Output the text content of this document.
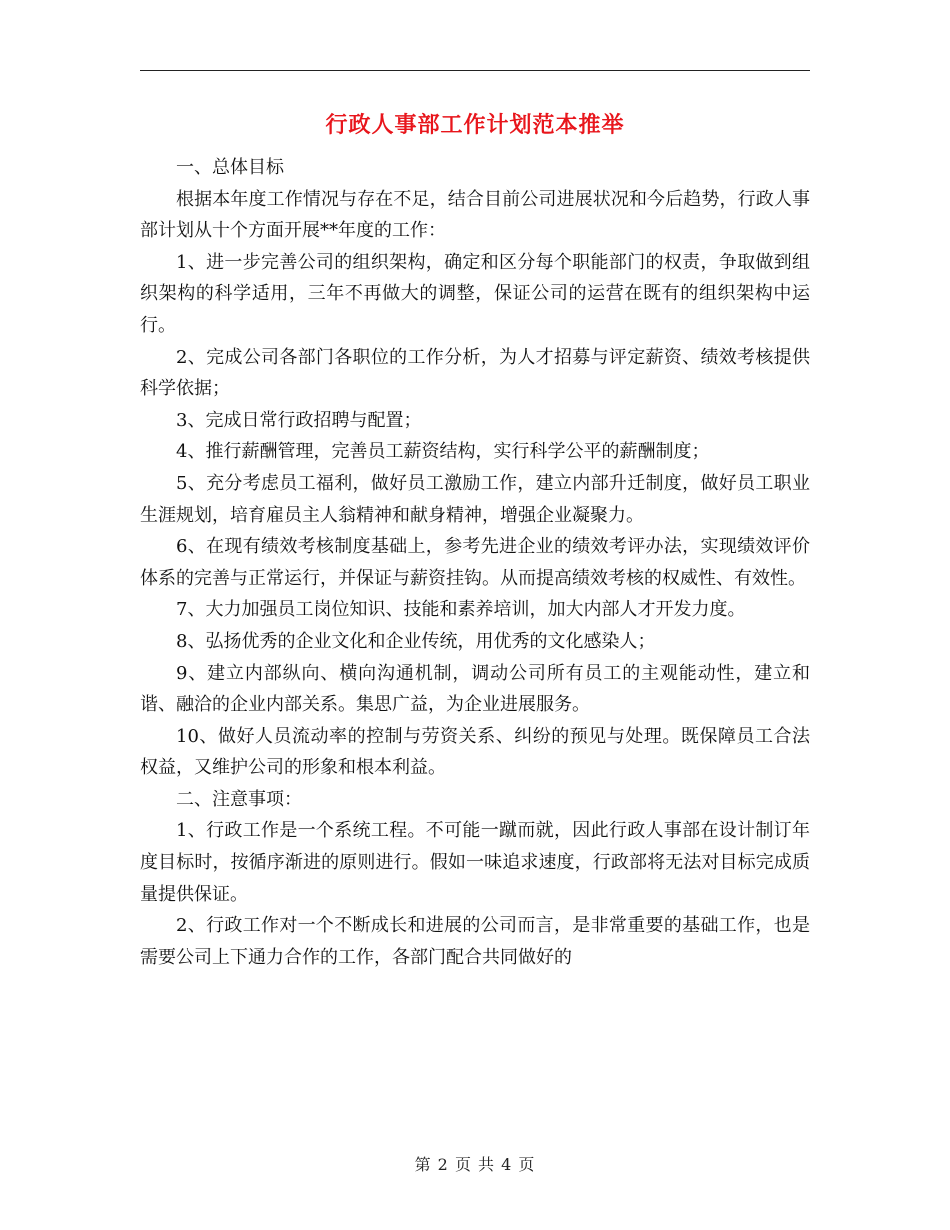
行政人事部工作计划范本推举

一、总体目标

根据本年度工作情况与存在不足，结合目前公司进展状况和今后趋势，行政人事部计划从十个方面开展**年度的工作：

1、进一步完善公司的组织架构，确定和区分每个职能部门的权责，争取做到组织架构的科学适用，三年不再做大的调整，保证公司的运营在既有的组织架构中运行。

2、完成公司各部门各职位的工作分析，为人才招募与评定薪资、绩效考核提供科学依据；

3、完成日常行政招聘与配置；

4、推行薪酬管理，完善员工薪资结构，实行科学公平的薪酬制度；

5、充分考虑员工福利，做好员工激励工作，建立内部升迁制度，做好员工职业生涯规划，培育雇员主人翁精神和献身精神，增强企业凝聚力。

6、在现有绩效考核制度基础上，参考先进企业的绩效考评办法，实现绩效评价体系的完善与正常运行，并保证与薪资挂钩。从而提高绩效考核的权威性、有效性。

7、大力加强员工岗位知识、技能和素养培训，加大内部人才开发力度。

8、弘扬优秀的企业文化和企业传统，用优秀的文化感染人；

9、建立内部纵向、横向沟通机制，调动公司所有员工的主观能动性，建立和谐、融洽的企业内部关系。集思广益，为企业进展服务。

10、做好人员流动率的控制与劳资关系、纠纷的预见与处理。既保障员工合法权益，又维护公司的形象和根本利益。

二、注意事项：

1、行政工作是一个系统工程。不可能一蹴而就，因此行政人事部在设计制订年度目标时，按循序渐进的原则进行。假如一味追求速度，行政部将无法对目标完成质量提供保证。

2、行政工作对一个不断成长和进展的公司而言，是非常重要的基础工作，也是需要公司上下通力合作的工作，各部门配合共同做好的

第 2 页 共 4 页
